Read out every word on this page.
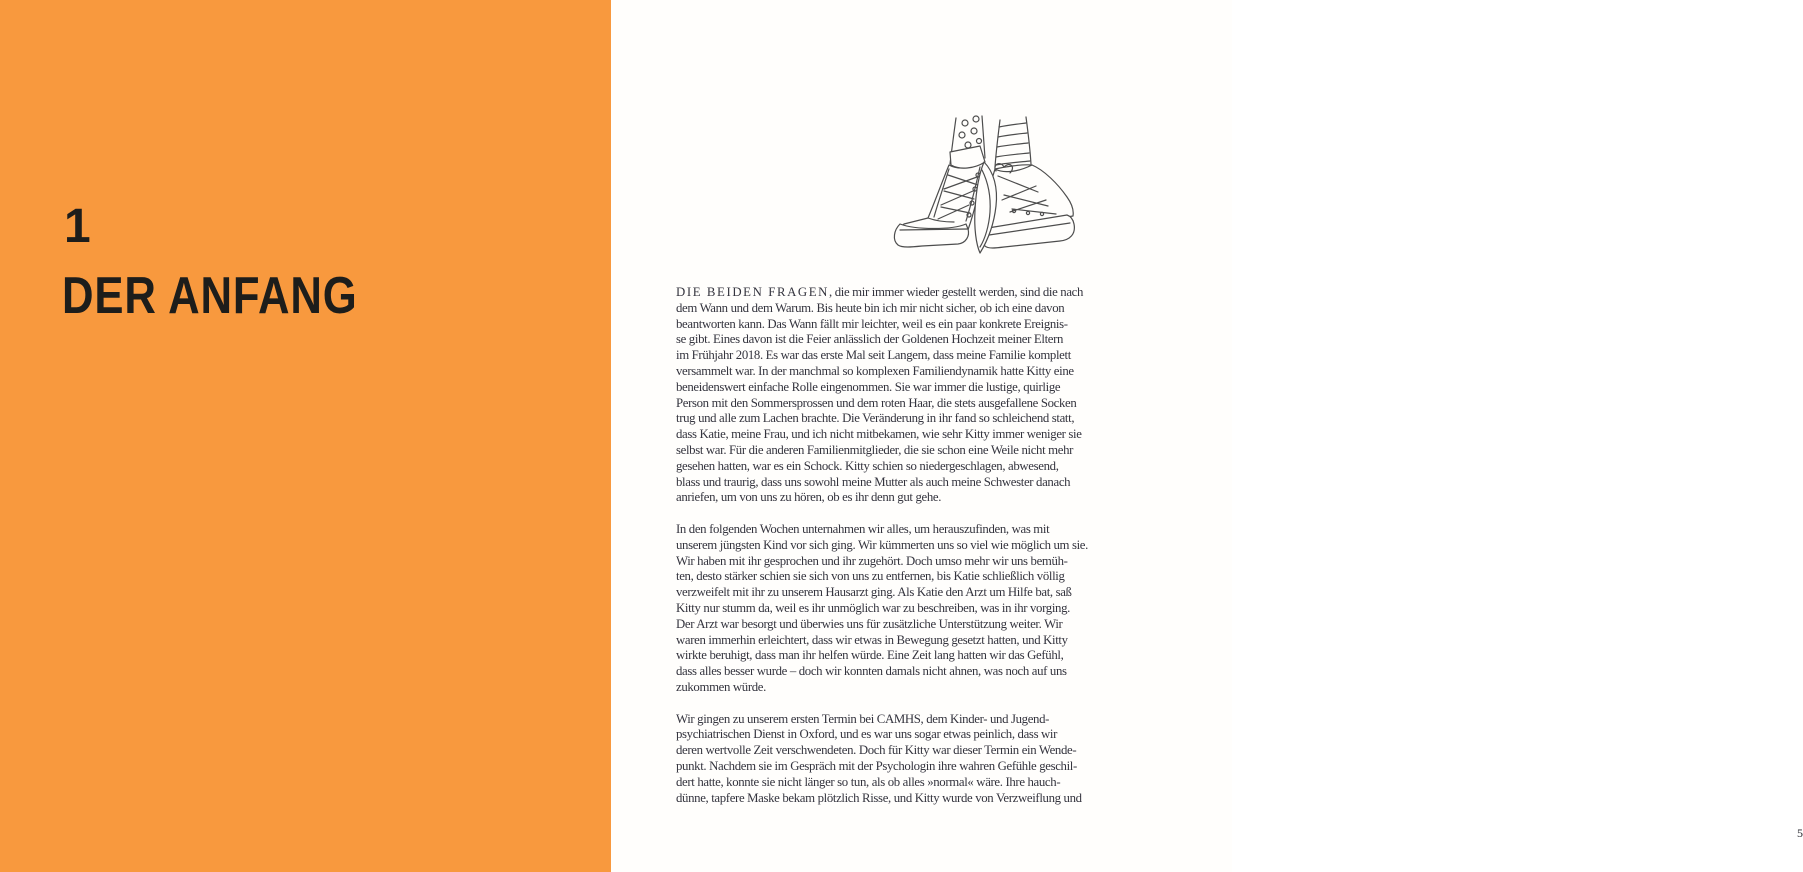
1
DER ANFANG	DIE BEIDEN FRAGEN, die mir immer wieder gestellt werden, sind die nach
dem Wann und dem Warum. Bis heute bin ich mir nicht sicher, ob ich eine davon
beantworten kann. Das Wann fällt mir leichter, weil es ein paar konkrete Ereignis-
se gibt. Eines davon ist die Feier anlässlich der Goldenen Hochzeit meiner Eltern
im Frühjahr 2018. Es war das erste Mal seit Langem, dass meine Familie komplett
versammelt war. In der manchmal so komplexen Familiendynamik hatte Kitty eine
beneidenswert einfache Rolle eingenommen. Sie war immer die lustige, quirlige
Person mit den Sommersprossen und dem roten Haar, die stets ausgefallene Socken
trug und alle zum Lachen brachte. Die Veränderung in ihr fand so schleichend statt,
dass Katie, meine Frau, und ich nicht mitbekamen, wie sehr Kitty immer weniger sie
selbst war. Für die anderen Familienmitglieder, die sie schon eine Weile nicht mehr
gesehen hatten, war es ein Schock. Kitty schien so niedergeschlagen, abwesend,
blass und traurig, dass uns sowohl meine Mutter als auch meine Schwester danach
anriefen, um von uns zu hören, ob es ihr denn gut gehe.
In den folgenden Wochen unternahmen wir alles, um herauszufinden, was mit
unserem jüngsten Kind vor sich ging. Wir kümmerten uns so viel wie möglich um sie.
Wir haben mit ihr gesprochen und ihr zugehört. Doch umso mehr wir uns bemüh-
ten, desto stärker schien sie sich von uns zu entfernen, bis Katie schließlich völlig
verzweifelt mit ihr zu unserem Hausarzt ging. Als Katie den Arzt um Hilfe bat, saß
Kitty nur stumm da, weil es ihr unmöglich war zu beschreiben, was in ihr vorging.
Der Arzt war besorgt und überwies uns für zusätzliche Unterstützung weiter. Wir
waren immerhin erleichtert, dass wir etwas in Bewegung gesetzt hatten, und Kitty
wirkte beruhigt, dass man ihr helfen würde. Eine Zeit lang hatten wir das Gefühl,
dass alles besser wurde – doch wir konnten damals nicht ahnen, was noch auf uns
zukommen würde.
Wir gingen zu unserem ersten Termin bei CAMHS, dem Kinder- und Jugend-
psychiatrischen Dienst in Oxford, und es war uns sogar etwas peinlich, dass wir
deren wertvolle Zeit verschwendeten. Doch für Kitty war dieser Termin ein Wende-
punkt. Nachdem sie im Gespräch mit der Psychologin ihre wahren Gefühle geschil-
dert hatte, konnte sie nicht länger so tun, als ob alles »normal« wäre. Ihre hauch-
dünne, tapfere Maske bekam plötzlich Risse, und Kitty wurde von Verzweiflung und
5
